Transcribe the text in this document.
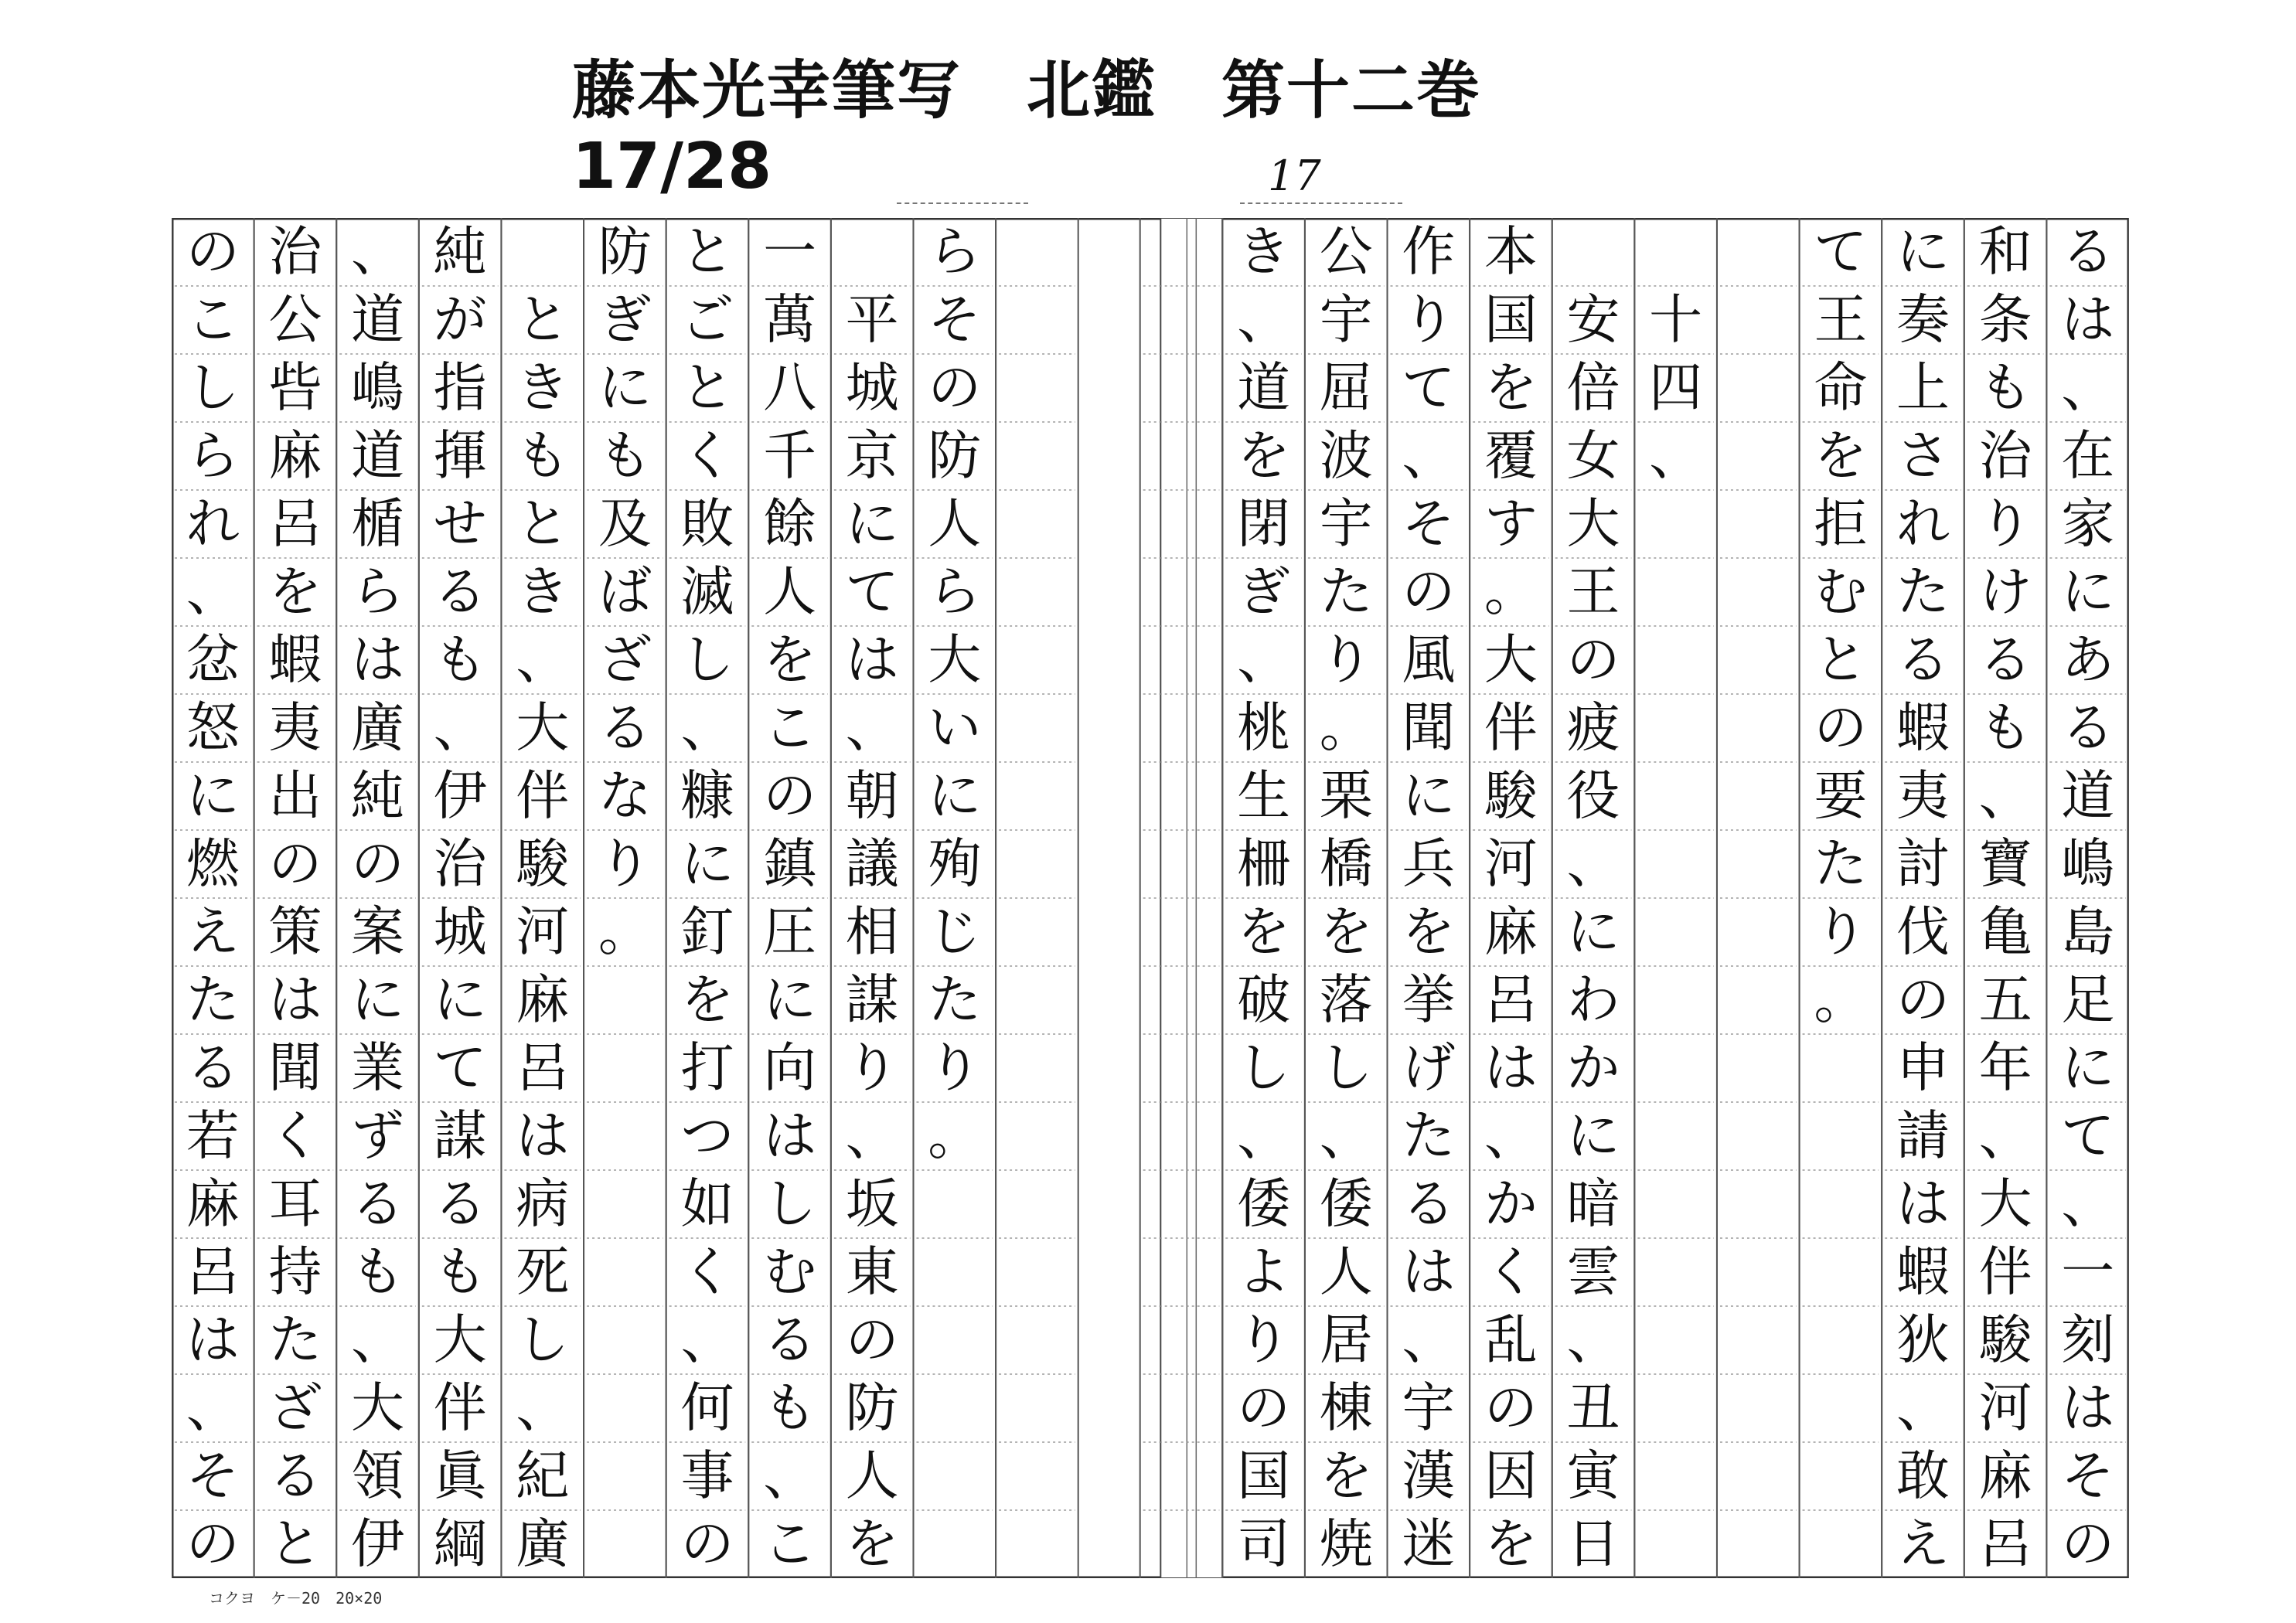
藤本光幸筆写　北鑑　第十二巻
17/28	17
る
は
、
在
家
に
あ
る
道
嶋
島
足
に
て
、
一
刻
は
そ
の
和
条
も
治
り
け
る
も
、
寶
亀
五
年
、
大
伴
駿
河
麻
呂
に
奏
上
さ
れ
た
る
蝦
夷
討
伐
の
申
請
は
蝦
狄
、
敢
え
て
王
命
を
拒
む
と
の
要
た
り
。
十
四
、
安
倍
女
大
王
の
疲
役
、
に
わ
か
に
暗
雲
、
丑
寅
日
本
国
を
覆
す
。
大
伴
駿
河
麻
呂
は
、
か
く
乱
の
因
を
作
り
て
、
そ
の
風
聞
に
兵
を
挙
げ
た
る
は
、
宇
漢
迷
公
宇
屈
波
宇
た
り
。
栗
橋
を
落
し
、
倭
人
居
棟
を
焼
き
、
道
を
閉
ぎ
、
桃
生
柵
を
破
し
、
倭
よ
り
の
国
司
ら
そ
の
防
人
ら
大
い
に
殉
じ
た
り
。
平
城
京
に
て
は
、
朝
議
相
謀
り
、
坂
東
の
防
人
を
一
萬
八
千
餘
人
を
こ
の
鎮
圧
に
向
は
し
む
る
も
、
こ
と
ご
と
く
敗
滅
し
、
糠
に
釘
を
打
つ
如
く
、
何
事
の
防
ぎ
に
も
及
ば
ざ
る
な
り
。
と
き
も
と
き
、
大
伴
駿
河
麻
呂
は
病
死
し
、
紀
廣
純
が
指
揮
せ
る
も
、
伊
治
城
に
て
謀
る
も
大
伴
眞
綱
、
道
嶋
道
楯
ら
は
廣
純
の
案
に
業
ず
る
も
、
大
領
伊
治
公
呰
麻
呂
を
蝦
夷
出
の
策
は
聞
く
耳
持
た
ざ
る
と
の
こ
し
ら
れ
、
忿
怒
に
燃
え
た
る
若
麻
呂
は
、
そ
の
コクヨ　ケ－20　20×20
